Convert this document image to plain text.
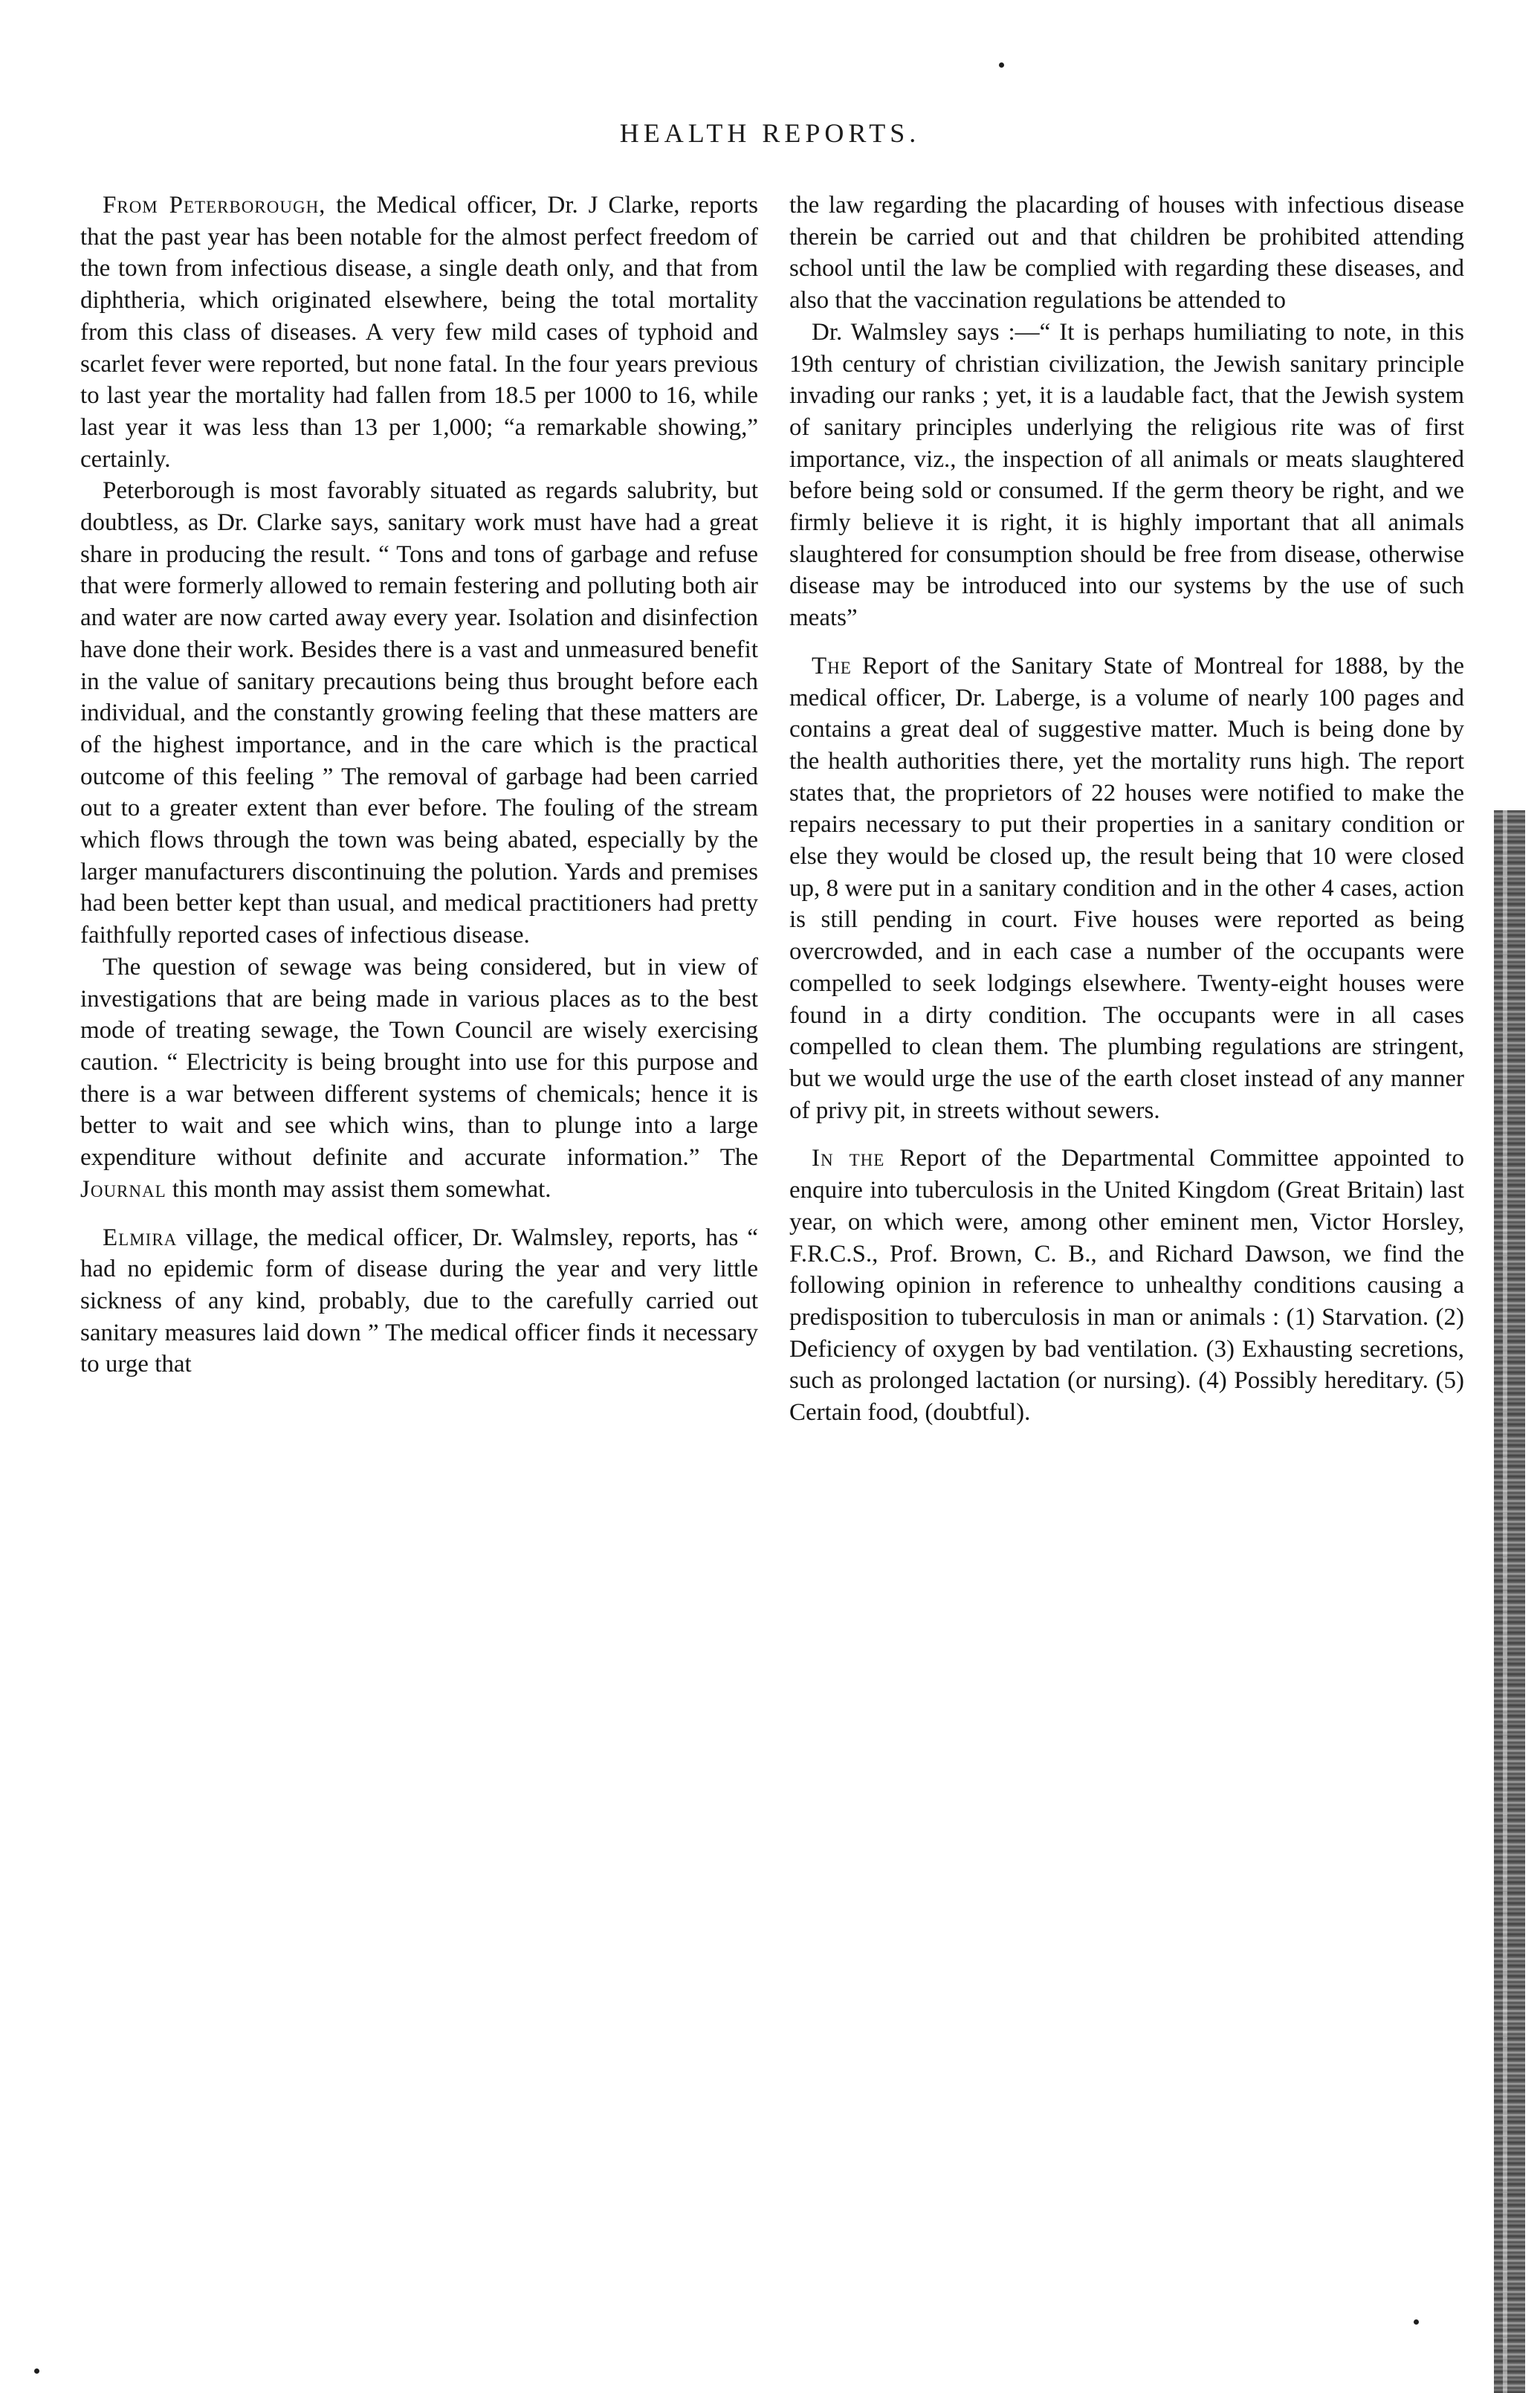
HEALTH REPORTS.

From Peterborough, the Medical officer, Dr. J Clarke, reports that the past year has been notable for the almost perfect freedom of the town from infectious disease, a single death only, and that from diphtheria, which originated elsewhere, being the total mortality from this class of diseases. A very few mild cases of typhoid and scarlet fever were reported, but none fatal. In the four years previous to last year the mortality had fallen from 18.5 per 1000 to 16, while last year it was less than 13 per 1,000; “a remarkable showing,” certainly.

Peterborough is most favorably situated as regards salubrity, but doubtless, as Dr. Clarke says, sanitary work must have had a great share in producing the result. “ Tons and tons of garbage and refuse that were formerly allowed to remain festering and polluting both air and water are now carted away every year. Isolation and disinfection have done their work. Besides there is a vast and unmeasured benefit in the value of sanitary precautions being thus brought before each individual, and the constantly growing feeling that these matters are of the highest importance, and in the care which is the practical outcome of this feeling ” The removal of garbage had been carried out to a greater extent than ever before. The fouling of the stream which flows through the town was being abated, especially by the larger manufacturers discontinuing the polution. Yards and premises had been better kept than usual, and medical practitioners had pretty faithfully reported cases of infectious disease.

The question of sewage was being considered, but in view of investigations that are being made in various places as to the best mode of treating sewage, the Town Council are wisely exercising caution. “ Electricity is being brought into use for this purpose and there is a war between different systems of chemicals; hence it is better to wait and see which wins, than to plunge into a large expenditure without definite and accurate information.” The Journal this month may assist them somewhat.

Elmira village, the medical officer, Dr. Walmsley, reports, has “ had no epidemic form of disease during the year and very little sickness of any kind, probably, due to the carefully carried out sanitary measures laid down ” The medical officer finds it necessary to urge that

the law regarding the placarding of houses with infectious disease therein be carried out and that children be prohibited attending school until the law be complied with regarding these diseases, and also that the vaccination regulations be attended to

Dr. Walmsley says :—“ It is perhaps humiliating to note, in this 19th century of christian civilization, the Jewish sanitary principle invading our ranks ; yet, it is a laudable fact, that the Jewish system of sanitary principles underlying the religious rite was of first importance, viz., the inspection of all animals or meats slaughtered before being sold or consumed. If the germ theory be right, and we firmly believe it is right, it is highly important that all animals slaughtered for consumption should be free from disease, otherwise disease may be introduced into our systems by the use of such meats”

The Report of the Sanitary State of Montreal for 1888, by the medical officer, Dr. Laberge, is a volume of nearly 100 pages and contains a great deal of suggestive matter. Much is being done by the health authorities there, yet the mortality runs high. The report states that, the proprietors of 22 houses were notified to make the repairs necessary to put their properties in a sanitary condition or else they would be closed up, the result being that 10 were closed up, 8 were put in a sanitary condition and in the other 4 cases, action is still pending in court. Five houses were reported as being overcrowded, and in each case a number of the occupants were compelled to seek lodgings elsewhere. Twenty-eight houses were found in a dirty condition. The occupants were in all cases compelled to clean them. The plumbing regulations are stringent, but we would urge the use of the earth closet instead of any manner of privy pit, in streets without sewers.

In the Report of the Departmental Committee appointed to enquire into tuberculosis in the United Kingdom (Great Britain) last year, on which were, among other eminent men, Victor Horsley, F.R.C.S., Prof. Brown, C. B., and Richard Dawson, we find the following opinion in reference to unhealthy conditions causing a predisposition to tuberculosis in man or animals : (1) Starvation. (2) Deficiency of oxygen by bad ventilation. (3) Exhausting secretions, such as prolonged lactation (or nursing). (4) Possibly hereditary. (5) Certain food, (doubtful).
